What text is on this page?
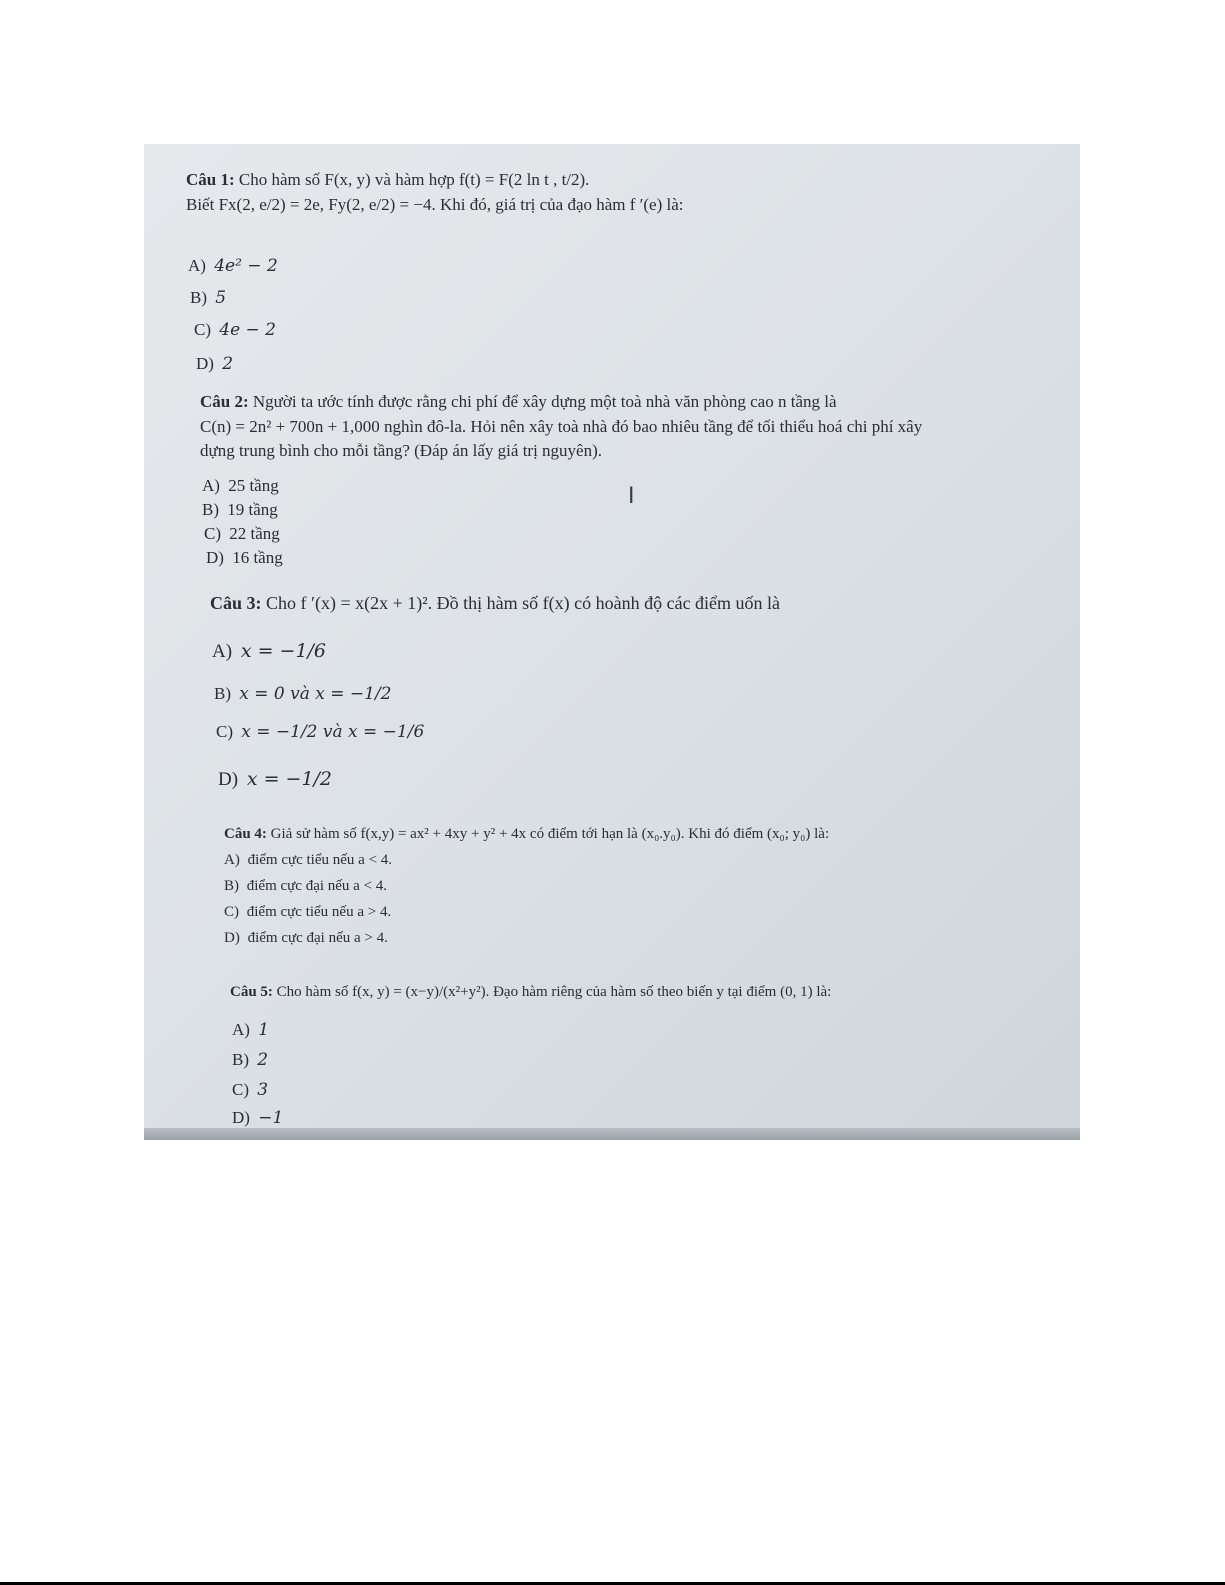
Câu 1: Cho hàm số F(x, y) và hàm hợp f(t) = F(2 ln t , t/2).
Biết Fx(2, e/2) = 2e, Fy(2, e/2) = −4. Khi đó, giá trị của đạo hàm f ′(e) là:
A) 4e² − 2
B) 5
C) 4e − 2
D) 2
Câu 2: Người ta ước tính được rằng chi phí để xây dựng một toà nhà văn phòng cao n tầng là
C(n) = 2n² + 700n + 1,000 nghìn đô-la. Hỏi nên xây toà nhà đó bao nhiêu tầng để tối thiểu hoá chi phí xây
dựng trung bình cho mỗi tầng? (Đáp án lấy giá trị nguyên).
A) 25 tầng
B) 19 tầng
C) 22 tầng
D) 16 tầng
Câu 3: Cho f ′(x) = x(2x + 1)². Đồ thị hàm số f(x) có hoành độ các điểm uốn là
A) x = −1/6
B) x = 0 và x = −1/2
C) x = −1/2 và x = −1/6
D) x = −1/2
Câu 4: Giả sử hàm số f(x,y) = ax² + 4xy + y² + 4x có điểm tới hạn là (x₀.y₀). Khi đó điểm (x₀; y₀) là:
A) điểm cực tiểu nếu a < 4.
B) điểm cực đại nếu a < 4.
C) điểm cực tiểu nếu a > 4.
D) điểm cực đại nếu a > 4.
Câu 5: Cho hàm số f(x, y) = (x−y)/(x²+y²). Đạo hàm riêng của hàm số theo biến y tại điểm (0, 1) là:
A) 1
B) 2
C) 3
D) −1
I
